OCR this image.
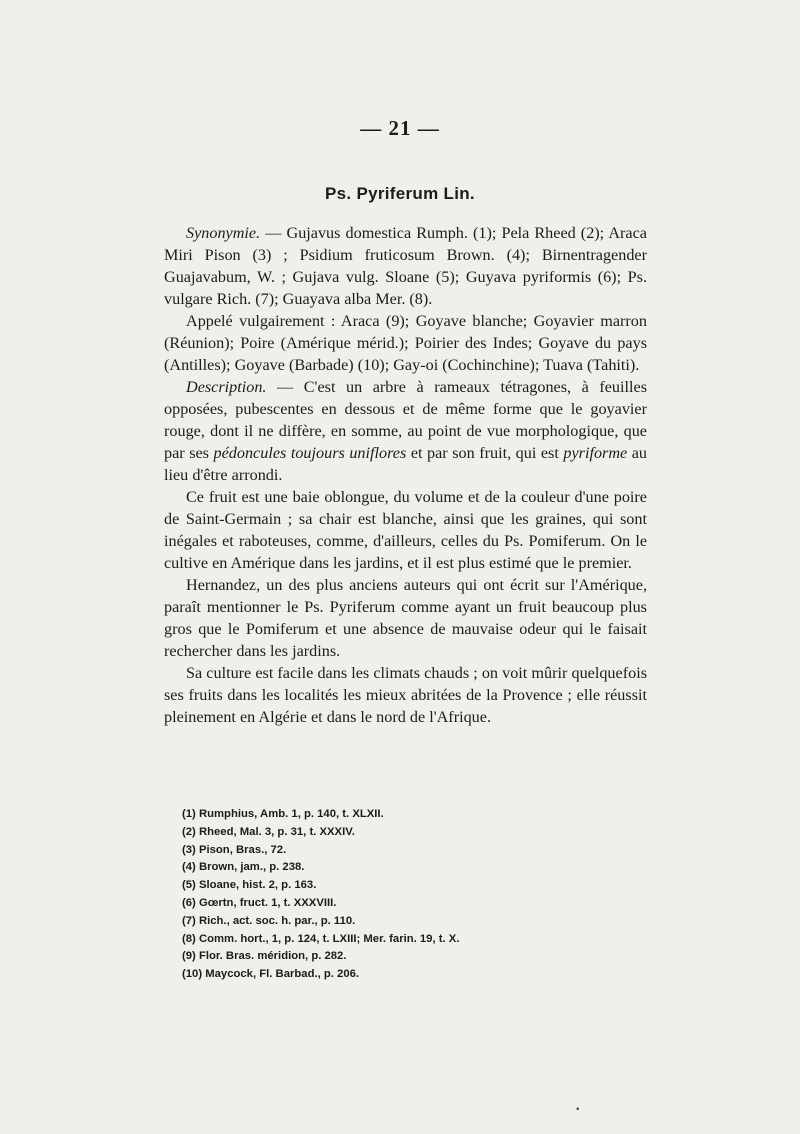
— 21 —
Ps. Pyriferum Lin.

Synonymie. — Gujavus domestica Rumph. (1); Pela Rheed (2); Araca Miri Pison (3) ; Psidium fruticosum Brown. (4); Birnentragender Guajavabum, W. ; Gujava vulg. Sloane (5); Guyava pyriformis (6); Ps. vulgare Rich. (7); Guayava alba Mer. (8).

Appelé vulgairement : Araca (9); Goyave blanche; Goyavier marron (Réunion); Poire (Amérique mérid.); Poirier des Indes; Goyave du pays (Antilles); Goyave (Barbade) (10); Gay-oi (Cochinchine); Tuava (Tahiti).

Description. — C'est un arbre à rameaux tétragones, à feuilles opposées, pubescentes en dessous et de même forme que le goyavier rouge, dont il ne diffère, en somme, au point de vue morphologique, que par ses pédoncules toujours uniflores et par son fruit, qui est pyriforme au lieu d'être arrondi.

Ce fruit est une baie oblongue, du volume et de la couleur d'une poire de Saint-Germain ; sa chair est blanche, ainsi que les graines, qui sont inégales et raboteuses, comme, d'ailleurs, celles du Ps. Pomiferum. On le cultive en Amérique dans les jardins, et il est plus estimé que le premier.

Hernandez, un des plus anciens auteurs qui ont écrit sur l'Amérique, paraît mentionner le Ps. Pyriferum comme ayant un fruit beaucoup plus gros que le Pomiferum et une absence de mauvaise odeur qui le faisait rechercher dans les jardins.

Sa culture est facile dans les climats chauds ; on voit mûrir quelquefois ses fruits dans les localités les mieux abritées de la Provence ; elle réussit pleinement en Algérie et dans le nord de l'Afrique.

(1) Rumphius, Amb. 1, p. 140, t. XLXII.
(2) Rheed, Mal. 3, p. 31, t. XXXIV.
(3) Pison, Bras., 72.
(4) Brown, jam., p. 238.
(5) Sloane, hist. 2, p. 163.
(6) Gœrtn, fruct. 1, t. XXXVIII.
(7) Rich., act. soc. h. par., p. 110.
(8) Comm. hort., 1, p. 124, t. LXIII; Mer. farin. 19, t. X.
(9) Flor. Bras. méridion, p. 282.
(10) Maycock, Fl. Barbad., p. 206.
▪
